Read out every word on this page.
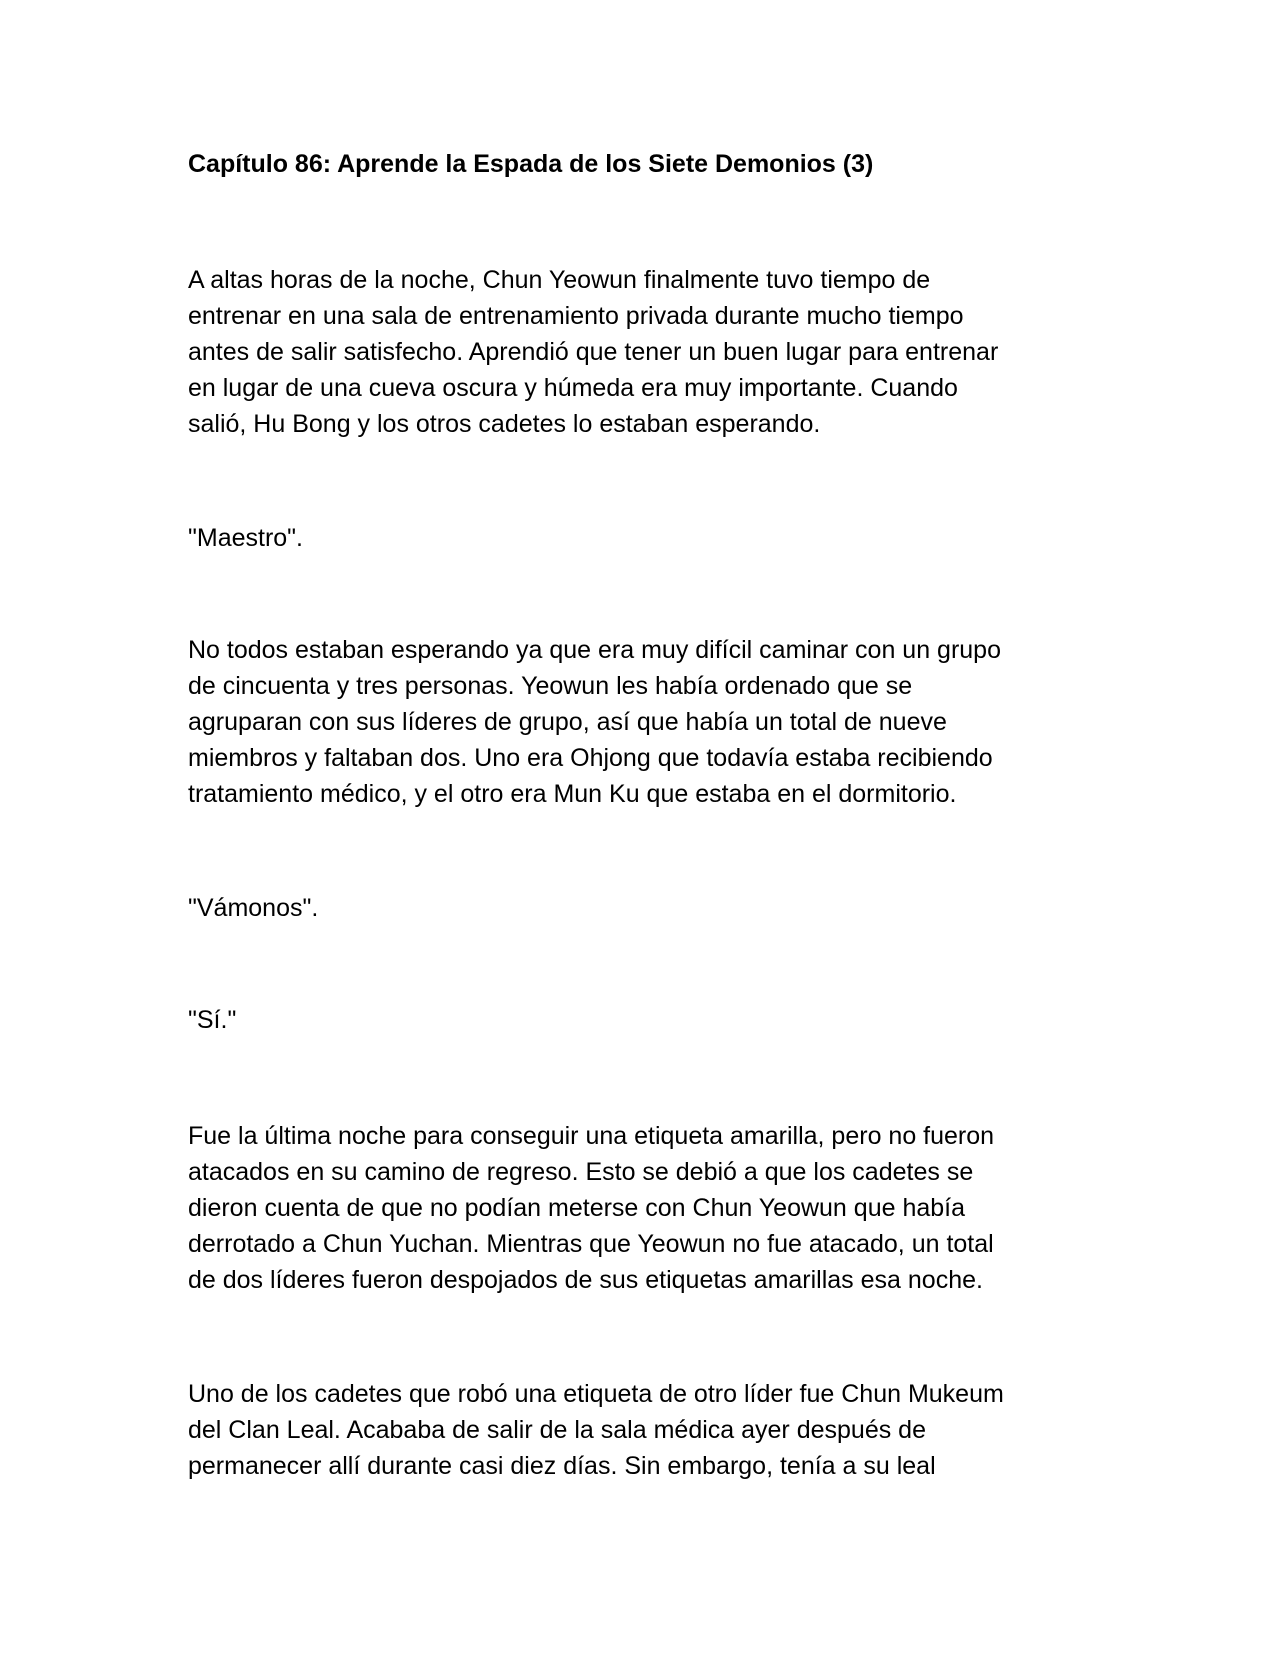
Capítulo 86: Aprende la Espada de los Siete Demonios (3)

A altas horas de la noche, Chun Yeowun finalmente tuvo tiempo de
entrenar en una sala de entrenamiento privada durante mucho tiempo
antes de salir satisfecho. Aprendió que tener un buen lugar para entrenar
en lugar de una cueva oscura y húmeda era muy importante. Cuando
salió, Hu Bong y los otros cadetes lo estaban esperando.

"Maestro".

No todos estaban esperando ya que era muy difícil caminar con un grupo
de cincuenta y tres personas. Yeowun les había ordenado que se
agruparan con sus líderes de grupo, así que había un total de nueve
miembros y faltaban dos. Uno era Ohjong que todavía estaba recibiendo
tratamiento médico, y el otro era Mun Ku que estaba en el dormitorio.

"Vámonos".

"Sí."

Fue la última noche para conseguir una etiqueta amarilla, pero no fueron
atacados en su camino de regreso. Esto se debió a que los cadetes se
dieron cuenta de que no podían meterse con Chun Yeowun que había
derrotado a Chun Yuchan. Mientras que Yeowun no fue atacado, un total
de dos líderes fueron despojados de sus etiquetas amarillas esa noche.

Uno de los cadetes que robó una etiqueta de otro líder fue Chun Mukeum
del Clan Leal. Acababa de salir de la sala médica ayer después de
permanecer allí durante casi diez días. Sin embargo, tenía a su leal
